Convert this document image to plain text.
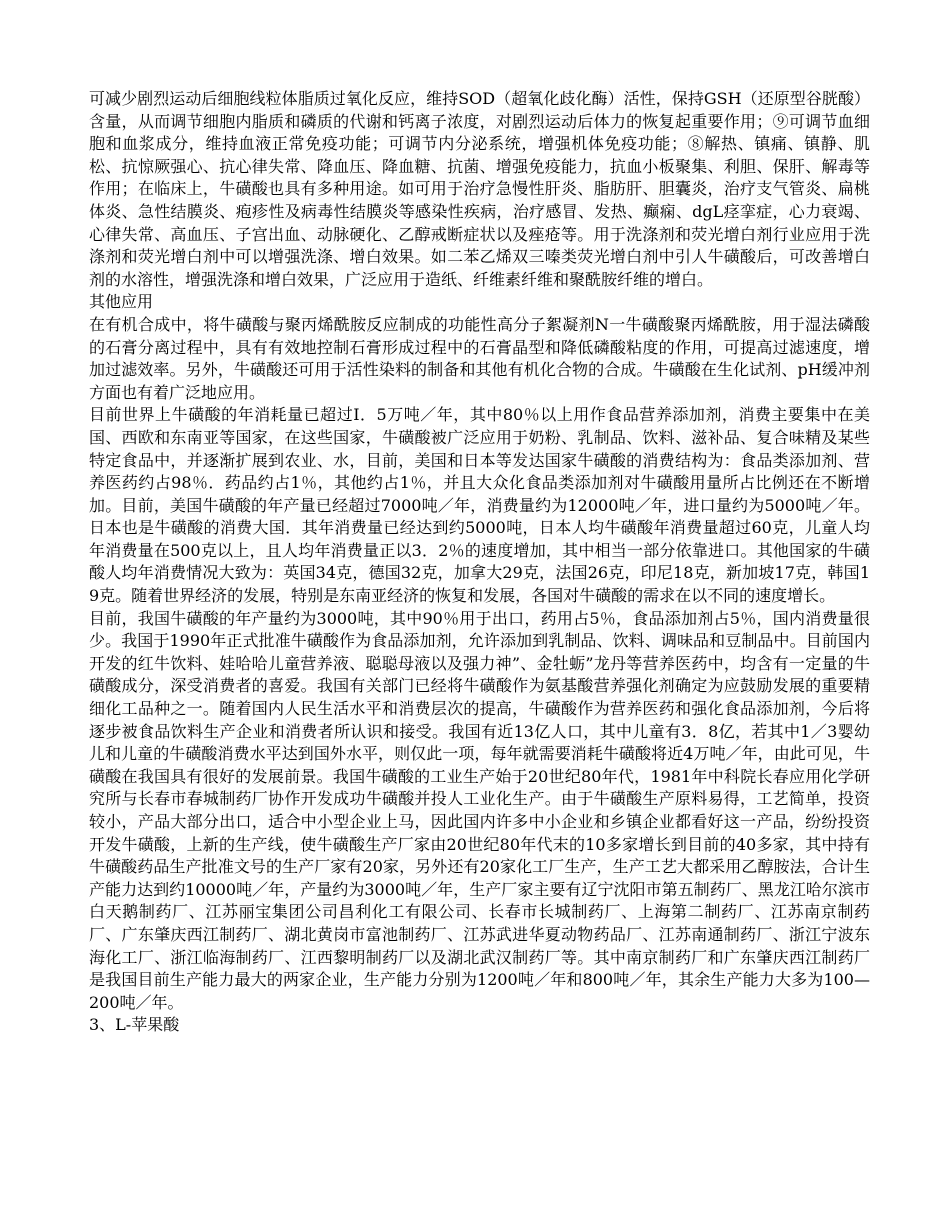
可减少剧烈运动后细胞线粒体脂质过氧化反应，维持SOD（超氧化歧化酶）活性，保持GSH（还原型谷胱酸）含量，从而调节细胞内脂质和磷质的代谢和钙离子浓度，对剧烈运动后体力的恢复起重要作用；⑨可调节血细胞和血浆成分，维持血液正常免疫功能；可调节内分泌系统，增强机体免疫功能；⑧解热、镇痛、镇静、肌松、抗惊厥强心、抗心律失常、降血压、降血糖、抗菌、增强免疫能力，抗血小板聚集、利胆、保肝、解毒等作用；在临床上，牛磺酸也具有多种用途。如可用于治疗急慢性肝炎、脂肪肝、胆囊炎，治疗支气管炎、扁桃体炎、急性结膜炎、疱疹性及病毒性结膜炎等感染性疾病，治疗感冒、发热、癫痫、dgL痉挛症，心力衰竭、心律失常、高血压、子宫出血、动脉硬化、乙醇戒断症状以及痤疮等。用于洗涤剂和荧光增白剂行业应用于洗涤剂和荧光增白剂中可以增强洗涤、增白效果。如二苯乙烯双三嗪类荧光增白剂中引人牛磺酸后，可改善增白剂的水溶性，增强洗涤和增白效果，广泛应用于造纸、纤维素纤维和聚酰胺纤维的增白。

其他应用

在有机合成中，将牛磺酸与聚丙烯酰胺反应制成的功能性高分子絮凝剂N一牛磺酸聚丙烯酰胺，用于湿法磷酸的石膏分离过程中，具有有效地控制石膏形成过程中的石膏晶型和降低磷酸粘度的作用，可提高过滤速度，增加过滤效率。另外，牛磺酸还可用于活性染料的制备和其他有机化合物的合成。牛磺酸在生化试剂、pH缓冲剂方面也有着广泛地应用。

目前世界上牛磺酸的年消耗量已超过I．5万吨／年，其中80％以上用作食品营养添加剂，消费主要集中在美国、西欧和东南亚等国家，在这些国家，牛磺酸被广泛应用于奶粉、乳制品、饮料、滋补品、复合味精及某些特定食品中，并逐渐扩展到农业、水，目前，美国和日本等发达国家牛磺酸的消费结构为：食品类添加剂、营养医药约占98％．药品约占1％，其他约占1％，并且大众化食品类添加剂对牛磺酸用量所占比例还在不断增加。目前，美国牛磺酸的年产量已经超过7000吨／年，消费量约为12000吨／年，进口量约为5000吨／年。日本也是牛磺酸的消费大国．其年消费量已经达到约5000吨，日本人均牛磺酸年消费量超过60克，儿童人均年消费量在500克以上，且人均年消费量正以3．2％的速度增加，其中相当一部分依靠进口。其他国家的牛磺酸人均年消费情况大致为：英国34克，德国32克，加拿大29克，法国26克，印尼18克，新加坡17克，韩国19克。随着世界经济的发展，特别是东南亚经济的恢复和发展，各国对牛磺酸的需求在以不同的速度增长。

目前，我国牛磺酸的年产量约为3000吨，其中90％用于出口，药用占5％，食品添加剂占5％，国内消费量很少。我国于1990年正式批准牛磺酸作为食品添加剂，允许添加到乳制品、饮料、调味品和豆制品中。目前国内开发的红牛饮料、娃哈哈儿童营养液、聪聪母液以及强力神”、金牡蛎”龙丹等营养医药中，均含有一定量的牛磺酸成分，深受消费者的喜爱。我国有关部门已经将牛磺酸作为氨基酸营养强化剂确定为应鼓励发展的重要精细化工品种之一。随着国内人民生活水平和消费层次的提高，牛磺酸作为营养医药和强化食品添加剂，今后将逐步被食品饮料生产企业和消费者所认识和接受。我国有近13亿人口，其中儿童有3．8亿，若其中1／3婴幼儿和儿童的牛磺酸消费水平达到国外水平，则仅此一项，每年就需要消耗牛磺酸将近4万吨／年，由此可见，牛磺酸在我国具有很好的发展前景。我国牛磺酸的工业生产始于20世纪80年代，1981年中科院长春应用化学研究所与长春市春城制药厂协作开发成功牛磺酸并投人工业化生产。由于牛磺酸生产原料易得，工艺简单，投资较小，产品大部分出口，适合中小型企业上马，因此国内许多中小企业和乡镇企业都看好这一产品，纷纷投资开发牛磺酸，上新的生产线，使牛磺酸生产厂家由20世纪80年代末的10多家增长到目前的40多家，其中持有牛磺酸药品生产批准文号的生产厂家有20家，另外还有20家化工厂生产，生产工艺大都采用乙醇胺法，合计生产能力达到约10000吨／年，产量约为3000吨／年，生产厂家主要有辽宁沈阳市第五制药厂、黑龙江哈尔滨市白天鹅制药厂、江苏丽宝集团公司昌利化工有限公司、长春市长城制药厂、上海第二制药厂、江苏南京制药厂、广东肇庆西江制药厂、湖北黄岗市富池制药厂、江苏武进华夏动物药品厂、江苏南通制药厂、浙江宁波东海化工厂、浙江临海制药厂、江西黎明制药厂以及湖北武汉制药厂等。其中南京制药厂和广东肇庆西江制药厂是我国目前生产能力最大的两家企业，生产能力分别为1200吨／年和800吨／年，其余生产能力大多为100—200吨／年。

3、L-苹果酸
